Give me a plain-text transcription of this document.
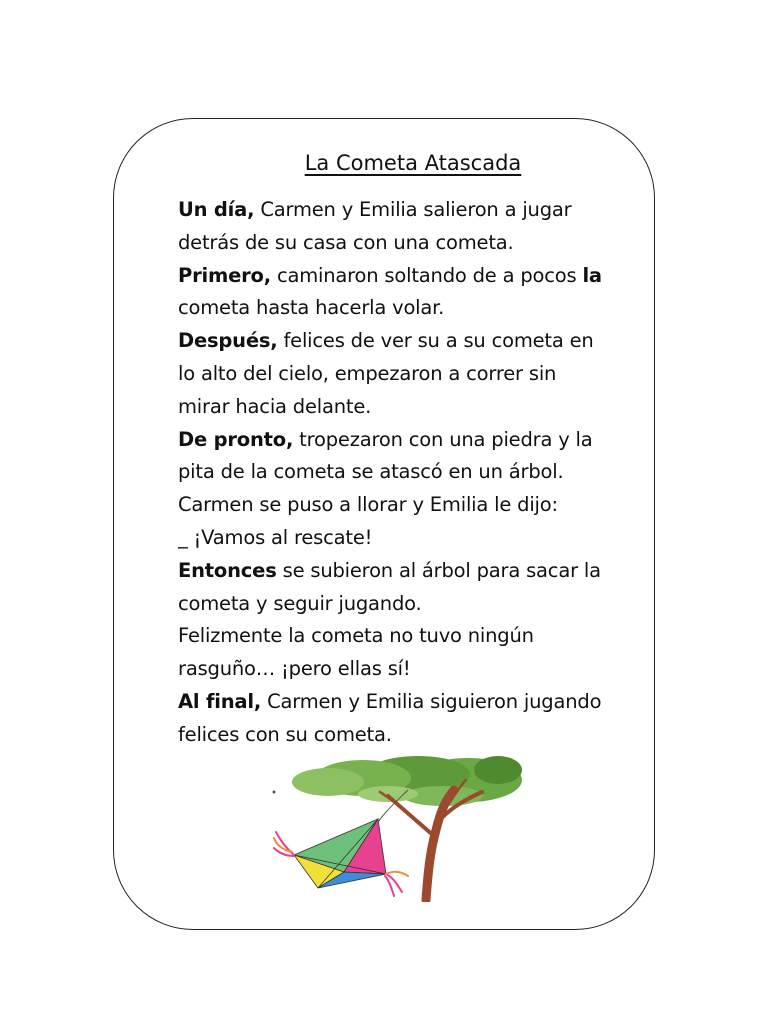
La Cometa Atascada
Un día, Carmen y Emilia salieron a jugar
detrás de su casa con una cometa.
Primero, caminaron soltando de a pocos la
cometa hasta hacerla volar.
Después, felices de ver su a su cometa en
lo alto del cielo, empezaron a correr sin
mirar hacia delante.
De pronto, tropezaron con una piedra y la
pita de la cometa se atascó en un árbol.
Carmen se puso a llorar y Emilia le dijo:
_ ¡Vamos al rescate!
Entonces se subieron al árbol para sacar la
cometa y seguir jugando.
Felizmente la cometa no tuvo ningún
rasguño… ¡pero ellas sí!
Al final, Carmen y Emilia siguieron jugando
felices con su cometa.
